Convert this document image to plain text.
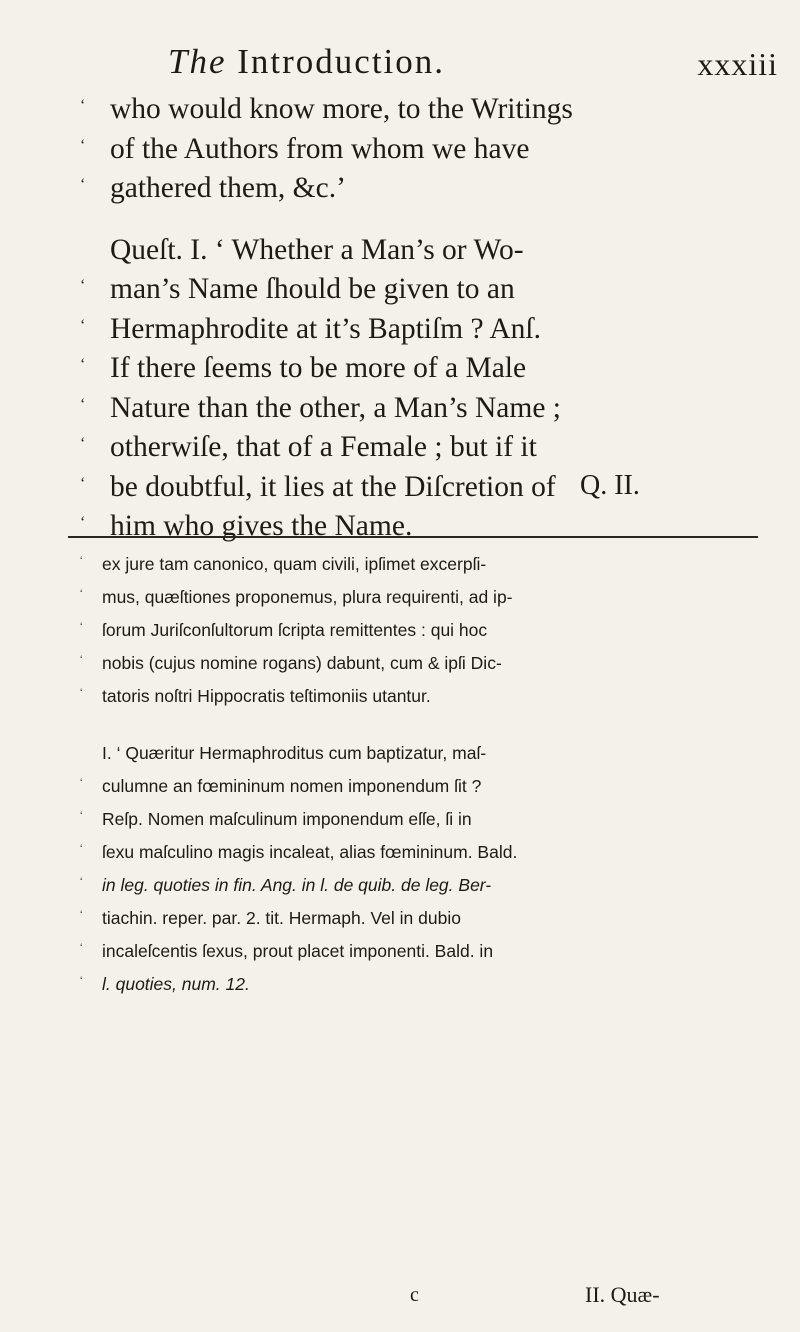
The Introduction.	xxxiii
‘ who would know more, to the Writings
‘ of the Authors from whom we have
‘ gathered them, &c.’
Queſt. I. ‘ Whether a Man’s or Wo-
‘ man’s Name ſhould be given to an
‘ Hermaphrodite at it’s Baptiſm ? Anſ.
‘ If there ſeems to be more of a Male
‘ Nature than the other, a Man’s Name ;
‘ otherwiſe, that of a Female ; but if it
‘ be doubtful, it lies at the Diſcretion of
‘ him who gives the Name.
Q. II.
‘ ex jure tam canonico, quam civili, ipſimet excerpſi-
‘ mus, quæſtiones proponemus, plura requirenti, ad ip-
‘ ſorum Juriſconſultorum ſcripta remittentes : qui hoc
‘ nobis (cujus nomine rogans) dabunt, cum & ipſi Dic-
‘ tatoris noſtri Hippocratis teſtimoniis utantur.
I. ‘ Quæritur Hermaphroditus cum baptizatur, maſ-
‘ culumne an fœmininum nomen imponendum ſit ?
‘ Reſp. Nomen maſculinum imponendum eſſe, ſi in
‘ ſexu maſculino magis incaleat, alias fœmininum. Bald.
‘ in leg. quoties in fin. Ang. in l. de quib. de leg. Ber-
‘ tiachin. reper. par. 2. tit. Hermaph. Vel in dubio
‘ incaleſcentis ſexus, prout placet imponenti. Bald. in
‘ l. quoties, num. 12.
c	II. Quæ-
